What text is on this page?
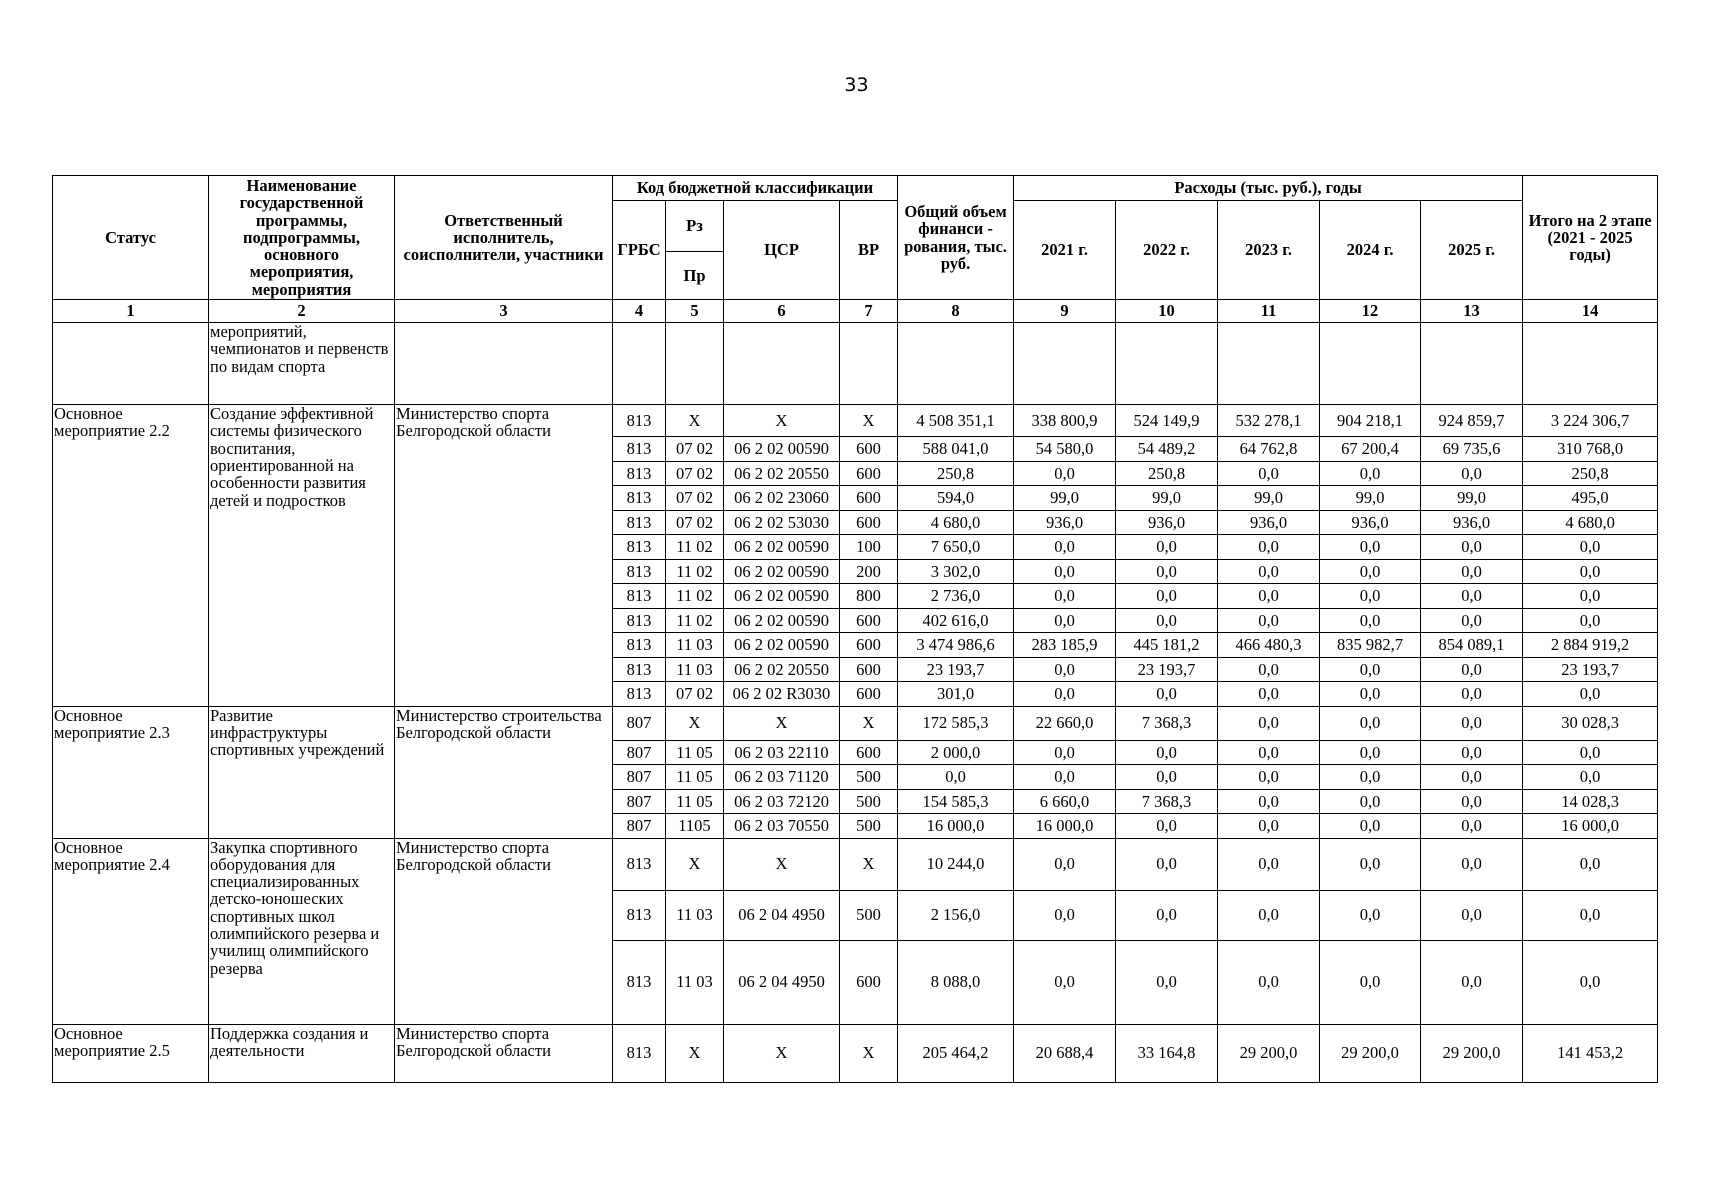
33
Статус	Наименование государственной программы, подпрограммы, основного мероприятия, мероприятия	Ответственный исполнитель, соисполнители, участники	Код бюджетной классификации				Общий объем финанси - рования, тыс. руб.	Расходы (тыс. руб.), годы					Итого на 2 этапе (2021 - 2025 годы)
			ГРБС	Рз	ЦСР	ВР		2021 г.	2022 г.	2023 г.	2024 г.	2025 г.	
				Пр									
1	2	3	4	5	6	7	8	9	10	11	12	13	14
	мероприятий, чемпионатов и первенств по видам спорта												
Основное мероприятие 2.2	Создание эффективной системы физического воспитания, ориентированной на особенности развития детей и подростков	Министерство спорта Белгородской области	813	Х	Х	Х	4 508 351,1	338 800,9	524 149,9	532 278,1	904 218,1	924 859,7	3 224 306,7
			813	07 02	06 2 02 00590	600	588 041,0	54 580,0	54 489,2	64 762,8	67 200,4	69 735,6	310 768,0
			813	07 02	06 2 02 20550	600	250,8	0,0	250,8	0,0	0,0	0,0	250,8
			813	07 02	06 2 02 23060	600	594,0	99,0	99,0	99,0	99,0	99,0	495,0
			813	07 02	06 2 02 53030	600	4 680,0	936,0	936,0	936,0	936,0	936,0	4 680,0
			813	11 02	06 2 02 00590	100	7 650,0	0,0	0,0	0,0	0,0	0,0	0,0
			813	11 02	06 2 02 00590	200	3 302,0	0,0	0,0	0,0	0,0	0,0	0,0
			813	11 02	06 2 02 00590	800	2 736,0	0,0	0,0	0,0	0,0	0,0	0,0
			813	11 02	06 2 02 00590	600	402 616,0	0,0	0,0	0,0	0,0	0,0	0,0
			813	11 03	06 2 02 00590	600	3 474 986,6	283 185,9	445 181,2	466 480,3	835 982,7	854 089,1	2 884 919,2
			813	11 03	06 2 02 20550	600	23 193,7	0,0	23 193,7	0,0	0,0	0,0	23 193,7
			813	07 02	06 2 02 R3030	600	301,0	0,0	0,0	0,0	0,0	0,0	0,0
Основное мероприятие 2.3	Развитие инфраструктуры спортивных учреждений	Министерство строительства Белгородской области	807	Х	Х	Х	172 585,3	22 660,0	7 368,3	0,0	0,0	0,0	30 028,3
			807	11 05	06 2 03 22110	600	2 000,0	0,0	0,0	0,0	0,0	0,0	0,0
			807	11 05	06 2 03 71120	500	0,0	0,0	0,0	0,0	0,0	0,0	0,0
			807	11 05	06 2 03 72120	500	154 585,3	6 660,0	7 368,3	0,0	0,0	0,0	14 028,3
			807	1105	06 2 03 70550	500	16 000,0	16 000,0	0,0	0,0	0,0	0,0	16 000,0
Основное мероприятие 2.4	Закупка спортивного оборудования для специализированных детско-юношеских спортивных школ олимпийского резерва и училищ олимпийского резерва	Министерство спорта Белгородской области	813	Х	Х	Х	10 244,0	0,0	0,0	0,0	0,0	0,0	0,0
			813	11 03	06 2 04 4950	500	2 156,0	0,0	0,0	0,0	0,0	0,0	0,0
			813	11 03	06 2 04 4950	600	8 088,0	0,0	0,0	0,0	0,0	0,0	0,0
Основное мероприятие 2.5	Поддержка создания и деятельности	Министерство спорта Белгородской области	813	Х	Х	Х	205 464,2	20 688,4	33 164,8	29 200,0	29 200,0	29 200,0	141 453,2
